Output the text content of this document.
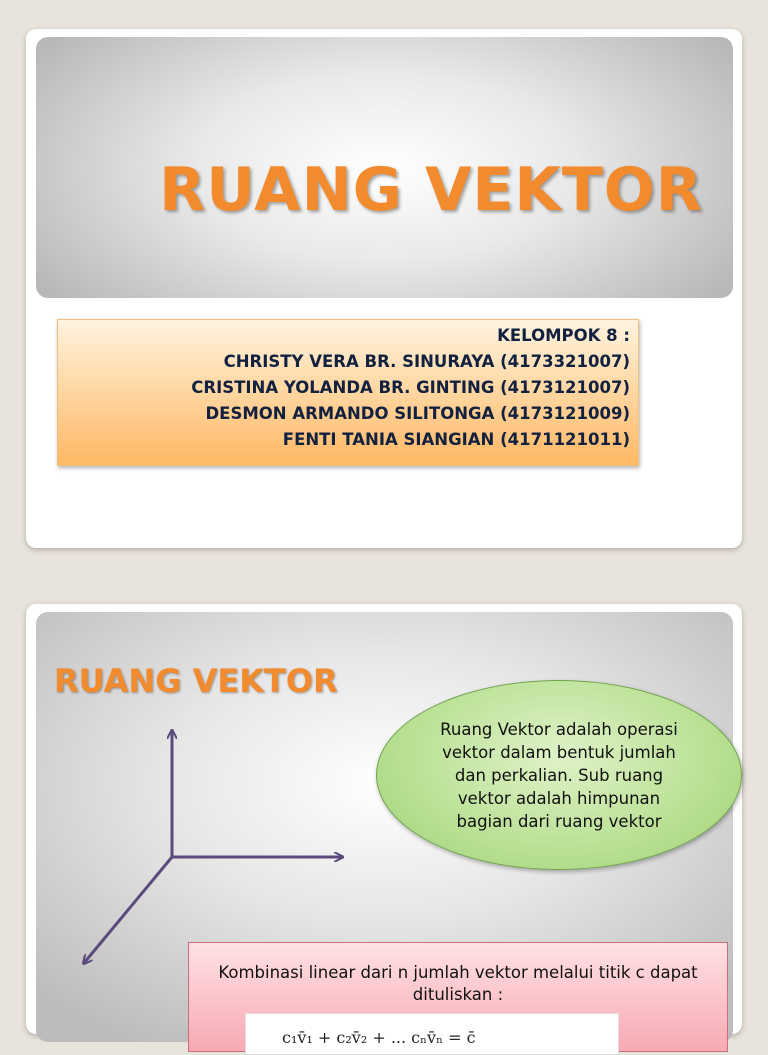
RUANG VEKTOR
KELOMPOK 8 :
CHRISTY VERA BR. SINURAYA (4173321007)
CRISTINA YOLANDA BR. GINTING (4173121007)
DESMON ARMANDO SILITONGA (4173121009)
FENTI TANIA SIANGIAN (4171121011)
RUANG VEKTOR
Ruang Vektor adalah operasi vektor dalam bentuk jumlah dan perkalian. Sub ruang vektor adalah himpunan bagian dari ruang vektor
Kombinasi linear dari n jumlah vektor melalui titik c dapat dituliskan :
c₁v̄₁ + c₂v̄₂ + ... cₙv̄ₙ = c̄
